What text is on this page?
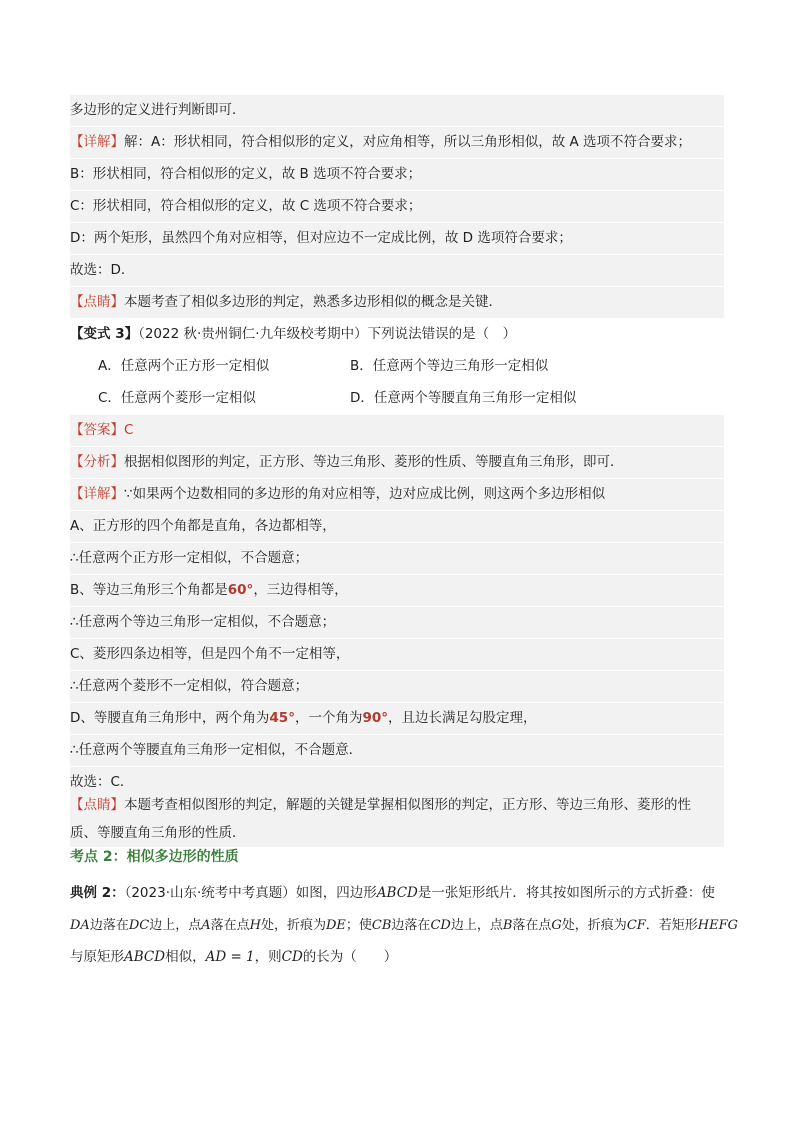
多边形的定义进行判断即可．
【详解】解：A：形状相同，符合相似形的定义，对应角相等，所以三角形相似，故 A 选项不符合要求；
B：形状相同，符合相似形的定义，故 B 选项不符合要求；
C：形状相同，符合相似形的定义，故 C 选项不符合要求；
D：两个矩形，虽然四个角对应相等，但对应边不一定成比例，故 D 选项符合要求；
故选：D．
【点睛】本题考查了相似多边形的判定，熟悉多边形相似的概念是关键．
【变式 3】（2022 秋·贵州铜仁·九年级校考期中）下列说法错误的是（　）
A．任意两个正方形一定相似	B．任意两个等边三角形一定相似
C．任意两个菱形一定相似	D．任意两个等腰直角三角形一定相似
【答案】C
【分析】根据相似图形的判定，正方形、等边三角形、菱形的性质、等腰直角三角形，即可．
【详解】∵如果两个边数相同的多边形的角对应相等，边对应成比例，则这两个多边形相似
A、正方形的四个角都是直角，各边都相等，
∴任意两个正方形一定相似，不合题意；
B、等边三角形三个角都是60°，三边得相等，
∴任意两个等边三角形一定相似，不合题意；
C、菱形四条边相等，但是四个角不一定相等，
∴任意两个菱形不一定相似，符合题意；
D、等腰直角三角形中，两个角为45°，一个角为90°，且边长满足勾股定理，
∴任意两个等腰直角三角形一定相似，不合题意．
故选：C．
【点睛】本题考查相似图形的判定，解题的关键是掌握相似图形的判定，正方形、等边三角形、菱形的性
质、等腰直角三角形的性质．
考点 2：相似多边形的性质
典例 2：（2023·山东·统考中考真题）如图，四边形ABCD是一张矩形纸片．将其按如图所示的方式折叠：使
DA边落在DC边上，点A落在点H处，折痕为DE；使CB边落在CD边上，点B落在点G处，折痕为CF．若矩形HEFG
与原矩形ABCD相似，AD = 1，则CD的长为（　　）
